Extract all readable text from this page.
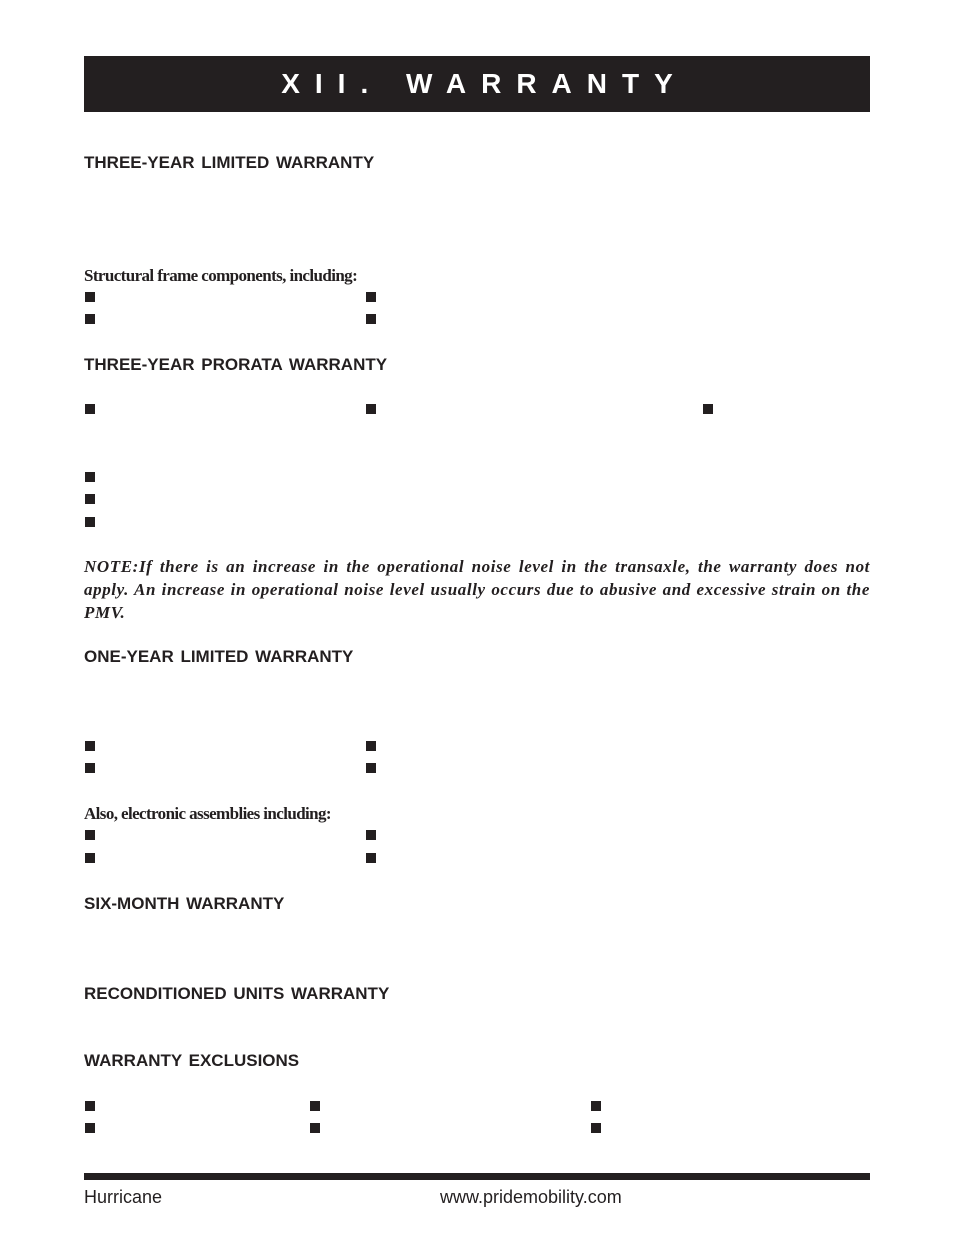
XII. WARRANTY
THREE-YEAR LIMITED WARRANTY

Structural frame components, including:

THREE-YEAR PRORATA WARRANTY

NOTE:If there is an increase in the operational noise level in the transaxle, the warranty does not apply. An increase in operational noise level usually occurs due to abusive and excessive strain on the PMV.

ONE-YEAR LIMITED WARRANTY

Also, electronic assemblies including:

SIX-MONTH WARRANTY
RECONDITIONED UNITS WARRANTY
WARRANTY EXCLUSIONS
Hurricane	www.pridemobility.com
